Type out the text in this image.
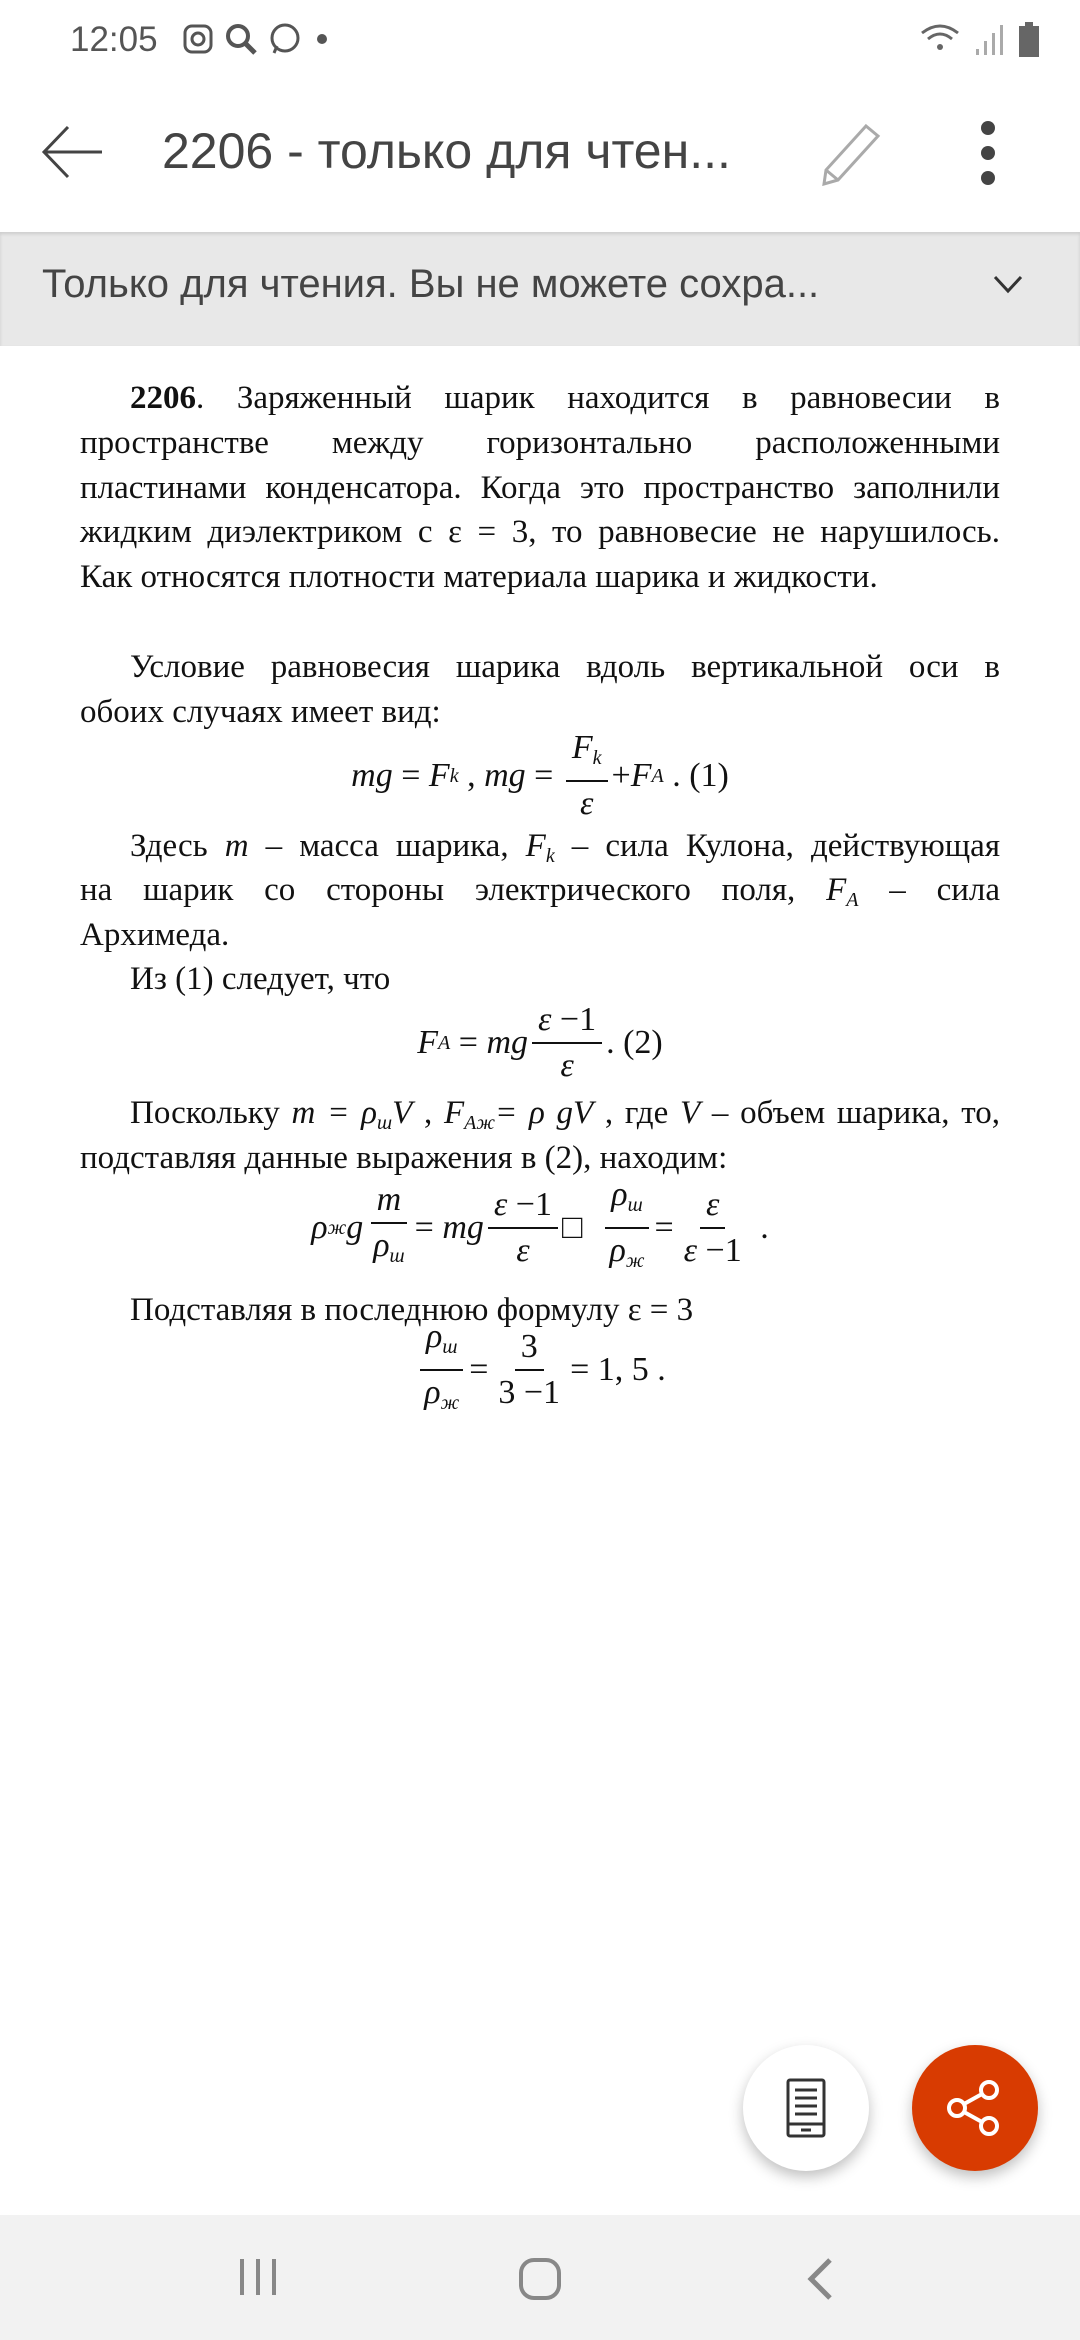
12:05
2206 - только для чтен...
Только для чтения. Вы не можете сохра...
2206. Заряженный шарик находится в равновесии в
пространстве между горизонтально расположенными
пластинами конденсатора. Когда это пространство заполнили
жидким диэлектриком с ε = 3, то равновесие не нарушилось.
Как относятся плотности материала шарика и жидкости.
Условие равновесия шарика вдоль вертикальной оси в
обоих случаях имеет вид:
Здесь m – масса шарика, $F_k$ – сила Кулона, действующая
на шарик со стороны электрического поля, $F_A$ – сила
Архимеда.
Из (1) следует, что
Поскольку $m = \rho_шV$ , $F_{Aж}= \rho$ gV , где V – объем шарика, то,
подставляя данные выражения в (2), находим:
Подставляя в последнюю формулу ε = 3
mg = F k , mg = $\frac{F_k}{\varepsilon} + F$ A . (1)
F A = mg $\frac{\varepsilon -1}{\varepsilon}$ . (2)
ρ ж g $\frac{m}{\rho_ш}$ = mg $\frac{\varepsilon -1}{\varepsilon}$ □ $\frac{\rho_ш}{\rho_ж} = \frac{\varepsilon}{\varepsilon -1}$ .
$\frac{\rho_ш}{\rho_ж} = \frac{3}{3 -1} = 1$, 5 .
